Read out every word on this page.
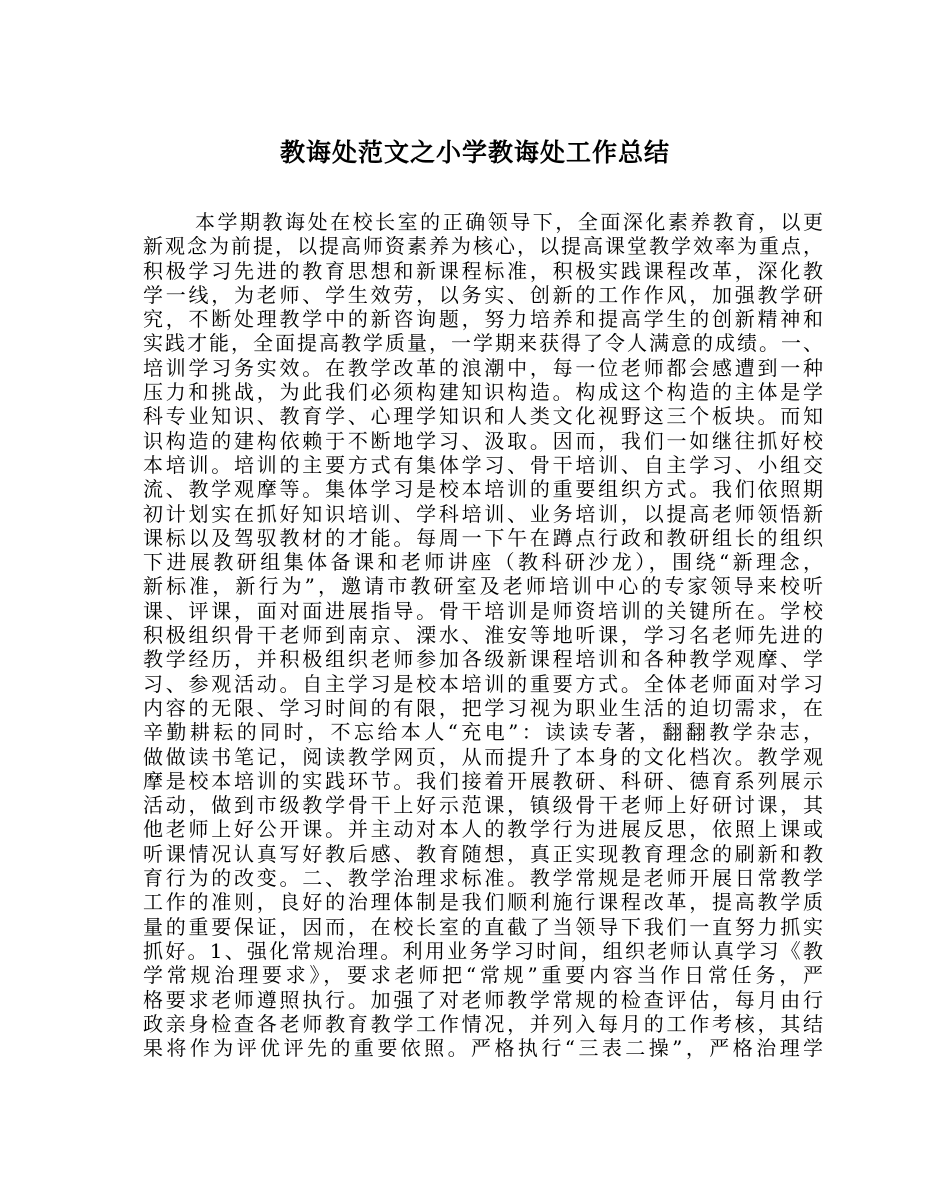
教诲处范文之小学教诲处工作总结
本学期教诲处在校长室的正确领导下，全面深化素养教育，以更
新观念为前提，以提高师资素养为核心，以提高课堂教学效率为重点，
积极学习先进的教育思想和新课程标准，积极实践课程改革，深化教
学一线，为老师、学生效劳，以务实、创新的工作作风，加强教学研
究，不断处理教学中的新咨询题，努力培养和提高学生的创新精神和
实践才能，全面提高教学质量，一学期来获得了令人满意的成绩。一、
培训学习务实效。在教学改革的浪潮中，每一位老师都会感遭到一种
压力和挑战，为此我们必须构建知识构造。构成这个构造的主体是学
科专业知识、教育学、心理学知识和人类文化视野这三个板块。而知
识构造的建构依赖于不断地学习、汲取。因而，我们一如继往抓好校
本培训。培训的主要方式有集体学习、骨干培训、自主学习、小组交
流、教学观摩等。集体学习是校本培训的重要组织方式。我们依照期
初计划实在抓好知识培训、学科培训、业务培训，以提高老师领悟新
课标以及驾驭教材的才能。每周一下午在蹲点行政和教研组长的组织
下进展教研组集体备课和老师讲座（教科研沙龙），围绕“新理念，
新标准，新行为”，邀请市教研室及老师培训中心的专家领导来校听
课、评课，面对面进展指导。骨干培训是师资培训的关键所在。学校
积极组织骨干老师到南京、溧水、淮安等地听课，学习名老师先进的
教学经历，并积极组织老师参加各级新课程培训和各种教学观摩、学
习、参观活动。自主学习是校本培训的重要方式。全体老师面对学习
内容的无限、学习时间的有限，把学习视为职业生活的迫切需求，在
辛勤耕耘的同时，不忘给本人“充电”：读读专著，翻翻教学杂志，
做做读书笔记，阅读教学网页，从而提升了本身的文化档次。教学观
摩是校本培训的实践环节。我们接着开展教研、科研、德育系列展示
活动，做到市级教学骨干上好示范课，镇级骨干老师上好研讨课，其
他老师上好公开课。并主动对本人的教学行为进展反思，依照上课或
听课情况认真写好教后感、教育随想，真正实现教育理念的刷新和教
育行为的改变。二、教学治理求标准。教学常规是老师开展日常教学
工作的准则，良好的治理体制是我们顺利施行课程改革，提高教学质
量的重要保证，因而，在校长室的直截了当领导下我们一直努力抓实
抓好。1、强化常规治理。利用业务学习时间，组织老师认真学习《教
学常规治理要求》，要求老师把“常规”重要内容当作日常任务，严
格要求老师遵照执行。加强了对老师教学常规的检查评估，每月由行
政亲身检查各老师教育教学工作情况，并列入每月的工作考核，其结
果将作为评优评先的重要依照。严格执行“三表二操”，严格治理学
